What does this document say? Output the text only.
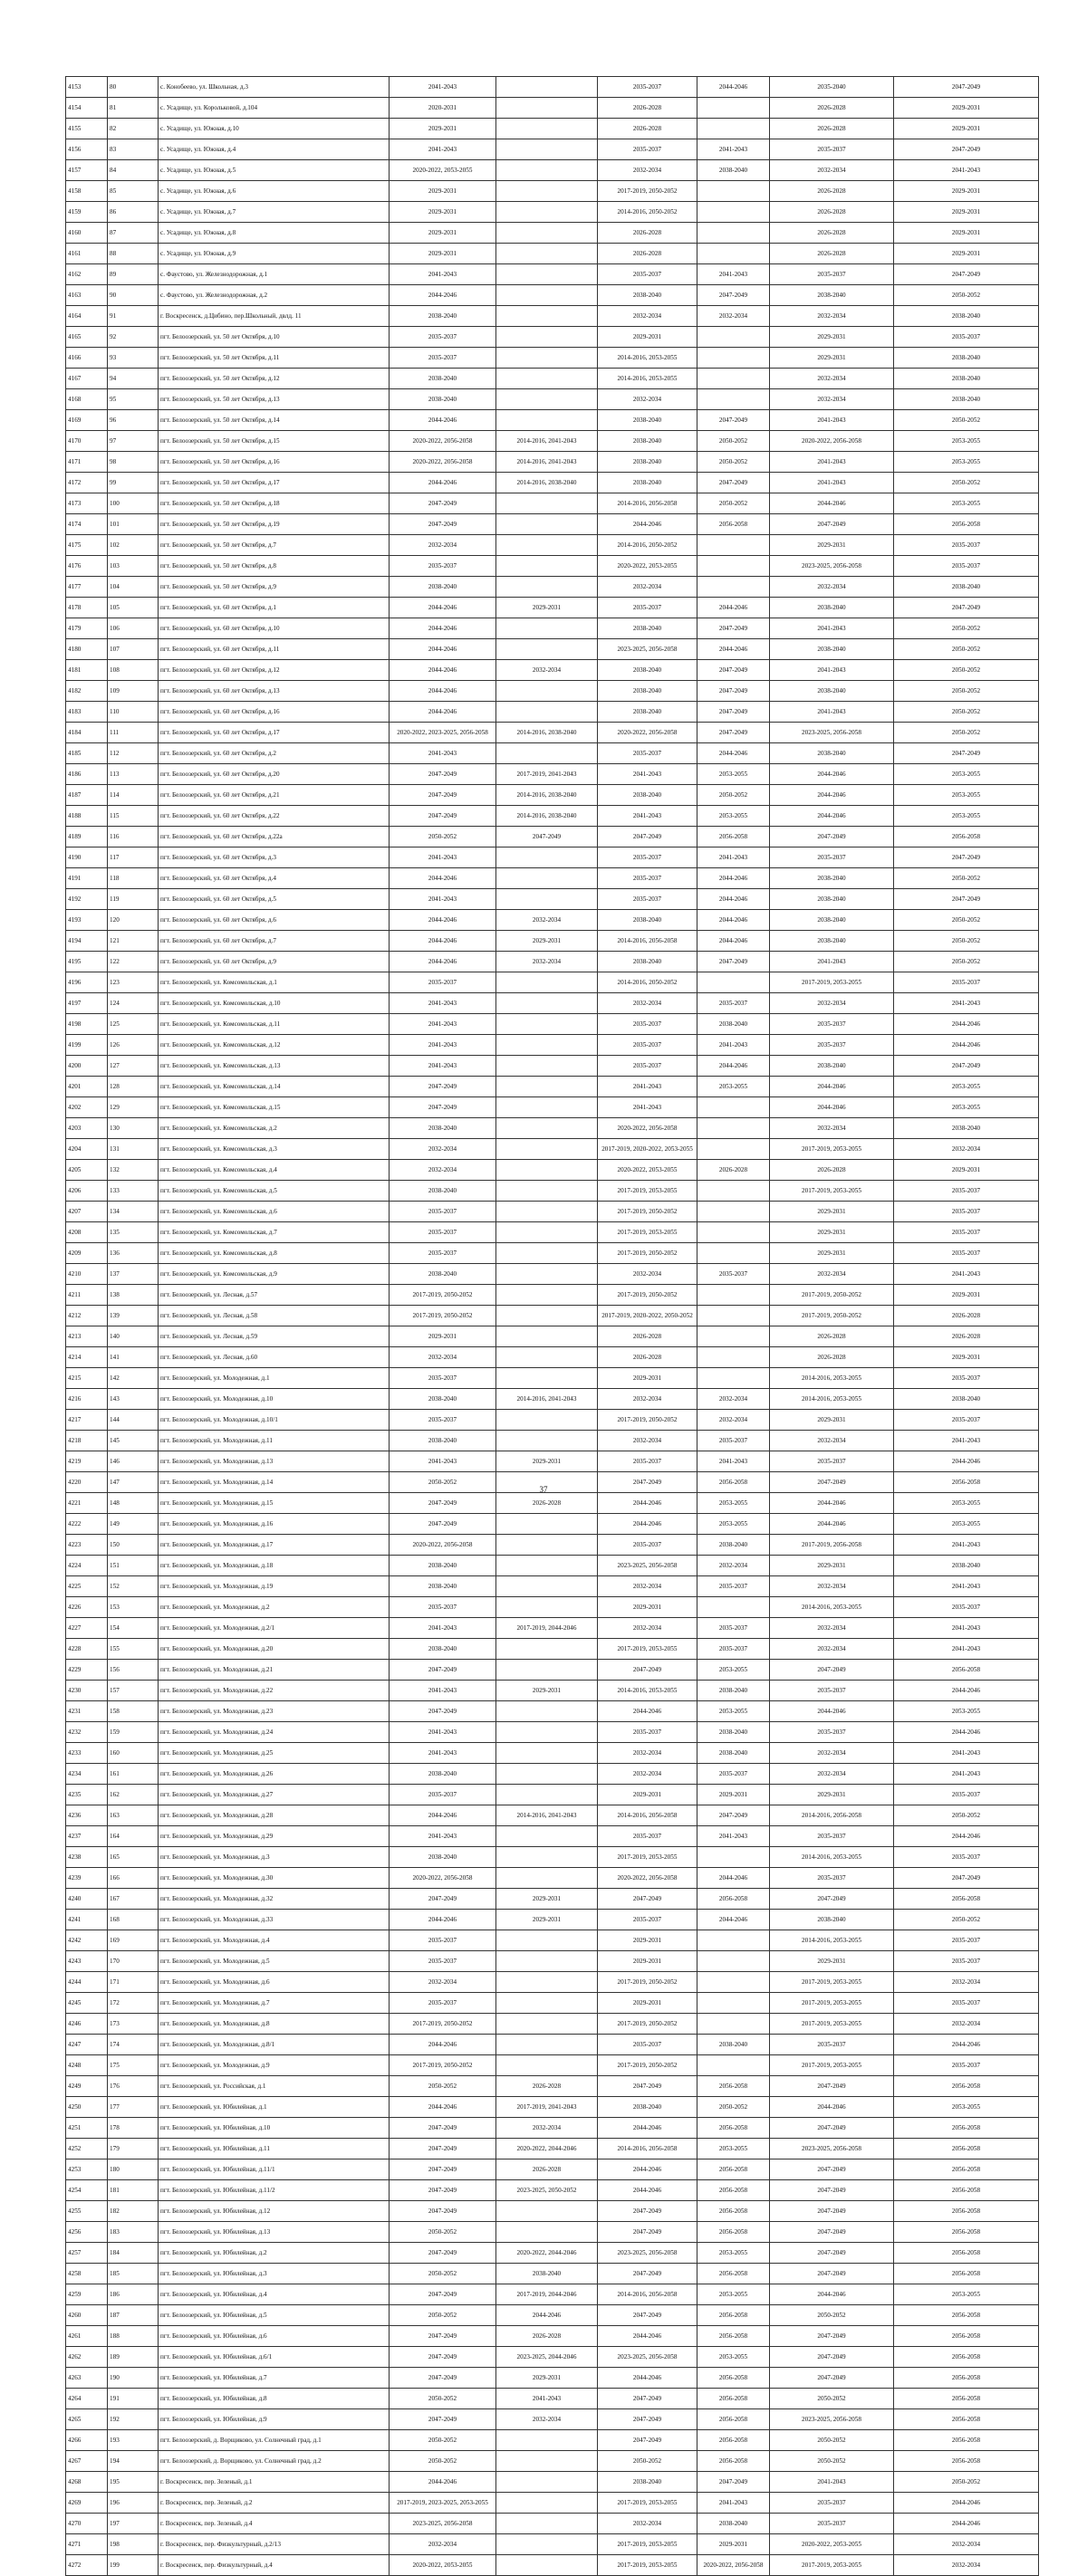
4153	80	с. Конобеево, ул. Школьная, д.3	2041-2043		2035-2037	2044-2046	2035-2040	2047-2049
4154	81	с. Усадище, ул. Корольковой, д.104	2020-2031		2026-2028		2026-2028	2029-2031
4155	82	с. Усадище, ул. Южная, д.10	2029-2031		2026-2028		2026-2028	2029-2031
4156	83	с. Усадище, ул. Южная, д.4	2041-2043		2035-2037	2041-2043	2035-2037	2047-2049
4157	84	с. Усадище, ул. Южная, д.5	2020-2022, 2053-2055		2032-2034	2038-2040	2032-2034	2041-2043
4158	85	с. Усадище, ул. Южная, д.6	2029-2031		2017-2019, 2050-2052		2026-2028	2029-2031
4159	86	с. Усадище, ул. Южная, д.7	2029-2031		2014-2016, 2050-2052		2026-2028	2029-2031
4160	87	с. Усадище, ул. Южная, д.8	2029-2031		2026-2028		2026-2028	2029-2031
4161	88	с. Усадище, ул. Южная, д.9	2029-2031		2026-2028		2026-2028	2029-2031
4162	89	с. Фаустово, ул. Железнодорожная, д.1	2041-2043		2035-2037	2041-2043	2035-2037	2047-2049
4163	90	с. Фаустово, ул. Железнодорожная, д.2	2044-2046		2038-2040	2047-2049	2038-2040	2050-2052
4164	91	г. Воскресенск, д.Цибино, пер.Школьный, двлд. 11	2038-2040		2032-2034	2032-2034	2032-2034	2038-2040
4165	92	пгт. Белоозерский, ул. 50 лет Октября, д.10	2035-2037		2029-2031		2029-2031	2035-2037
4166	93	пгт. Белоозерский, ул. 50 лет Октября, д.11	2035-2037		2014-2016, 2053-2055		2029-2031	2038-2040
4167	94	пгт. Белоозерский, ул. 50 лет Октября, д.12	2038-2040		2014-2016, 2053-2055		2032-2034	2038-2040
4168	95	пгт. Белоозерский, ул. 50 лет Октября, д.13	2038-2040		2032-2034		2032-2034	2038-2040
4169	96	пгт. Белоозерский, ул. 50 лет Октября, д.14	2044-2046		2038-2040	2047-2049	2041-2043	2050-2052
4170	97	пгт. Белоозерский, ул. 50 лет Октября, д.15	2020-2022, 2056-2058	2014-2016, 2041-2043	2038-2040	2050-2052	2020-2022, 2056-2058	2053-2055
4171	98	пгт. Белоозерский, ул. 50 лет Октября, д.16	2020-2022, 2056-2058	2014-2016, 2041-2043	2038-2040	2050-2052	2041-2043	2053-2055
4172	99	пгт. Белоозерский, ул. 50 лет Октября, д.17	2044-2046	2014-2016, 2038-2040	2038-2040	2047-2049	2041-2043	2050-2052
4173	100	пгт. Белоозерский, ул. 50 лет Октября, д.18	2047-2049		2014-2016, 2056-2058	2050-2052	2044-2046	2053-2055
4174	101	пгт. Белоозерский, ул. 50 лет Октября, д.19	2047-2049		2044-2046	2056-2058	2047-2049	2056-2058
4175	102	пгт. Белоозерский, ул. 50 лет Октября, д.7	2032-2034		2014-2016, 2050-2052		2029-2031	2035-2037
4176	103	пгт. Белоозерский, ул. 50 лет Октября, д.8	2035-2037		2020-2022, 2053-2055		2023-2025, 2056-2058	2035-2037
4177	104	пгт. Белоозерский, ул. 50 лет Октября, д.9	2038-2040		2032-2034		2032-2034	2038-2040
4178	105	пгт. Белоозерский, ул. 60 лет Октября, д.1	2044-2046	2029-2031	2035-2037	2044-2046	2038-2040	2047-2049
4179	106	пгт. Белоозерский, ул. 60 лет Октября, д.10	2044-2046		2038-2040	2047-2049	2041-2043	2050-2052
4180	107	пгт. Белоозерский, ул. 60 лет Октября, д.11	2044-2046		2023-2025, 2056-2058	2044-2046	2038-2040	2050-2052
4181	108	пгт. Белоозерский, ул. 60 лет Октября, д.12	2044-2046	2032-2034	2038-2040	2047-2049	2041-2043	2050-2052
4182	109	пгт. Белоозерский, ул. 60 лет Октября, д.13	2044-2046		2038-2040	2047-2049	2038-2040	2050-2052
4183	110	пгт. Белоозерский, ул. 60 лет Октября, д.16	2044-2046		2038-2040	2047-2049	2041-2043	2050-2052
4184	111	пгт. Белоозерский, ул. 60 лет Октября, д.17	2020-2022, 2023-2025, 2056-2058	2014-2016, 2038-2040	2020-2022, 2056-2058	2047-2049	2023-2025, 2056-2058	2050-2052
4185	112	пгт. Белоозерский, ул. 60 лет Октября, д.2	2041-2043		2035-2037	2044-2046	2038-2040	2047-2049
4186	113	пгт. Белоозерский, ул. 60 лет Октября, д.20	2047-2049	2017-2019, 2041-2043	2041-2043	2053-2055	2044-2046	2053-2055
4187	114	пгт. Белоозерский, ул. 60 лет Октября, д.21	2047-2049	2014-2016, 2038-2040	2038-2040	2050-2052	2044-2046	2053-2055
4188	115	пгт. Белоозерский, ул. 60 лет Октября, д.22	2047-2049	2014-2016, 2038-2040	2041-2043	2053-2055	2044-2046	2053-2055
4189	116	пгт. Белоозерский, ул. 60 лет Октября, д.22а	2050-2052	2047-2049	2047-2049	2056-2058	2047-2049	2056-2058
4190	117	пгт. Белоозерский, ул. 60 лет Октября, д.3	2041-2043		2035-2037	2041-2043	2035-2037	2047-2049
4191	118	пгт. Белоозерский, ул. 60 лет Октября, д.4	2044-2046		2035-2037	2044-2046	2038-2040	2050-2052
4192	119	пгт. Белоозерский, ул. 60 лет Октября, д.5	2041-2043		2035-2037	2044-2046	2038-2040	2047-2049
4193	120	пгт. Белоозерский, ул. 60 лет Октября, д.6	2044-2046	2032-2034	2038-2040	2044-2046	2038-2040	2050-2052
4194	121	пгт. Белоозерский, ул. 60 лет Октября, д.7	2044-2046	2029-2031	2014-2016, 2056-2058	2044-2046	2038-2040	2050-2052
4195	122	пгт. Белоозерский, ул. 60 лет Октября, д.9	2044-2046	2032-2034	2038-2040	2047-2049	2041-2043	2050-2052
4196	123	пгт. Белоозерский, ул. Комсомольская, д.1	2035-2037		2014-2016, 2050-2052		2017-2019, 2053-2055	2035-2037
4197	124	пгт. Белоозерский, ул. Комсомольская, д.10	2041-2043		2032-2034	2035-2037	2032-2034	2041-2043
4198	125	пгт. Белоозерский, ул. Комсомольская, д.11	2041-2043		2035-2037	2038-2040	2035-2037	2044-2046
4199	126	пгт. Белоозерский, ул. Комсомольская, д.12	2041-2043		2035-2037	2041-2043	2035-2037	2044-2046
4200	127	пгт. Белоозерский, ул. Комсомольская, д.13	2041-2043		2035-2037	2044-2046	2038-2040	2047-2049
4201	128	пгт. Белоозерский, ул. Комсомольская, д.14	2047-2049		2041-2043	2053-2055	2044-2046	2053-2055
4202	129	пгт. Белоозерский, ул. Комсомольская, д.15	2047-2049		2041-2043		2044-2046	2053-2055
4203	130	пгт. Белоозерский, ул. Комсомольская, д.2	2038-2040		2020-2022, 2056-2058		2032-2034	2038-2040
4204	131	пгт. Белоозерский, ул. Комсомольская, д.3	2032-2034		2017-2019, 2020-2022, 2053-2055		2017-2019, 2053-2055	2032-2034
4205	132	пгт. Белоозерский, ул. Комсомольская, д.4	2032-2034		2020-2022, 2053-2055	2026-2028	2026-2028	2029-2031
4206	133	пгт. Белоозерский, ул. Комсомольская, д.5	2038-2040		2017-2019, 2053-2055		2017-2019, 2053-2055	2035-2037
4207	134	пгт. Белоозерский, ул. Комсомольская, д.6	2035-2037		2017-2019, 2050-2052		2029-2031	2035-2037
4208	135	пгт. Белоозерский, ул. Комсомольская, д.7	2035-2037		2017-2019, 2053-2055		2029-2031	2035-2037
4209	136	пгт. Белоозерский, ул. Комсомольская, д.8	2035-2037		2017-2019, 2050-2052		2029-2031	2035-2037
4210	137	пгт. Белоозерский, ул. Комсомольская, д.9	2038-2040		2032-2034	2035-2037	2032-2034	2041-2043
4211	138	пгт. Белоозерский, ул. Лесная, д.57	2017-2019, 2050-2052		2017-2019, 2050-2052		2017-2019, 2050-2052	2029-2031
4212	139	пгт. Белоозерский, ул. Лесная, д.58	2017-2019, 2050-2052		2017-2019, 2020-2022, 2050-2052		2017-2019, 2050-2052	2026-2028
4213	140	пгт. Белоозерский, ул. Лесная, д.59	2029-2031		2026-2028		2026-2028	2026-2028
4214	141	пгт. Белоозерский, ул. Лесная, д.60	2032-2034		2026-2028		2026-2028	2029-2031
4215	142	пгт. Белоозерский, ул. Молодежная, д.1	2035-2037		2029-2031		2014-2016, 2053-2055	2035-2037
4216	143	пгт. Белоозерский, ул. Молодежная, д.10	2038-2040	2014-2016, 2041-2043	2032-2034	2032-2034	2014-2016, 2053-2055	2038-2040
4217	144	пгт. Белоозерский, ул. Молодежная, д.10/1	2035-2037		2017-2019, 2050-2052	2032-2034	2029-2031	2035-2037
4218	145	пгт. Белоозерский, ул. Молодежная, д.11	2038-2040		2032-2034	2035-2037	2032-2034	2041-2043
4219	146	пгт. Белоозерский, ул. Молодежная, д.13	2041-2043	2029-2031	2035-2037	2041-2043	2035-2037	2044-2046
4220	147	пгт. Белоозерский, ул. Молодежная, д.14	2050-2052		2047-2049	2056-2058	2047-2049	2056-2058
4221	148	пгт. Белоозерский, ул. Молодежная, д.15	2047-2049	2026-2028	2044-2046	2053-2055	2044-2046	2053-2055
4222	149	пгт. Белоозерский, ул. Молодежная, д.16	2047-2049		2044-2046	2053-2055	2044-2046	2053-2055
4223	150	пгт. Белоозерский, ул. Молодежная, д.17	2020-2022, 2056-2058		2035-2037	2038-2040	2017-2019, 2056-2058	2041-2043
4224	151	пгт. Белоозерский, ул. Молодежная, д.18	2038-2040		2023-2025, 2056-2058	2032-2034	2029-2031	2038-2040
4225	152	пгт. Белоозерский, ул. Молодежная, д.19	2038-2040		2032-2034	2035-2037	2032-2034	2041-2043
4226	153	пгт. Белоозерский, ул. Молодежная, д.2	2035-2037		2029-2031		2014-2016, 2053-2055	2035-2037
4227	154	пгт. Белоозерский, ул. Молодежная, д.2/1	2041-2043	2017-2019, 2044-2046	2032-2034	2035-2037	2032-2034	2041-2043
4228	155	пгт. Белоозерский, ул. Молодежная, д.20	2038-2040		2017-2019, 2053-2055	2035-2037	2032-2034	2041-2043
4229	156	пгт. Белоозерский, ул. Молодежная, д.21	2047-2049		2047-2049	2053-2055	2047-2049	2056-2058
4230	157	пгт. Белоозерский, ул. Молодежная, д.22	2041-2043	2029-2031	2014-2016, 2053-2055	2038-2040	2035-2037	2044-2046
4231	158	пгт. Белоозерский, ул. Молодежная, д.23	2047-2049		2044-2046	2053-2055	2044-2046	2053-2055
4232	159	пгт. Белоозерский, ул. Молодежная, д.24	2041-2043		2035-2037	2038-2040	2035-2037	2044-2046
4233	160	пгт. Белоозерский, ул. Молодежная, д.25	2041-2043		2032-2034	2038-2040	2032-2034	2041-2043
4234	161	пгт. Белоозерский, ул. Молодежная, д.26	2038-2040		2032-2034	2035-2037	2032-2034	2041-2043
4235	162	пгт. Белоозерский, ул. Молодежная, д.27	2035-2037		2029-2031	2029-2031	2029-2031	2035-2037
4236	163	пгт. Белоозерский, ул. Молодежная, д.28	2044-2046	2014-2016, 2041-2043	2014-2016, 2056-2058	2047-2049	2014-2016, 2056-2058	2050-2052
4237	164	пгт. Белоозерский, ул. Молодежная, д.29	2041-2043		2035-2037	2041-2043	2035-2037	2044-2046
4238	165	пгт. Белоозерский, ул. Молодежная, д.3	2038-2040		2017-2019, 2053-2055		2014-2016, 2053-2055	2035-2037
4239	166	пгт. Белоозерский, ул. Молодежная, д.30	2020-2022, 2056-2058		2020-2022, 2056-2058	2044-2046	2035-2037	2047-2049
4240	167	пгт. Белоозерский, ул. Молодежная, д.32	2047-2049	2029-2031	2047-2049	2056-2058	2047-2049	2056-2058
4241	168	пгт. Белоозерский, ул. Молодежная, д.33	2044-2046	2029-2031	2035-2037	2044-2046	2038-2040	2050-2052
4242	169	пгт. Белоозерский, ул. Молодежная, д.4	2035-2037		2029-2031		2014-2016, 2053-2055	2035-2037
4243	170	пгт. Белоозерский, ул. Молодежная, д.5	2035-2037		2029-2031		2029-2031	2035-2037
4244	171	пгт. Белоозерский, ул. Молодежная, д.6	2032-2034		2017-2019, 2050-2052		2017-2019, 2053-2055	2032-2034
4245	172	пгт. Белоозерский, ул. Молодежная, д.7	2035-2037		2029-2031		2017-2019, 2053-2055	2035-2037
4246	173	пгт. Белоозерский, ул. Молодежная, д.8	2017-2019, 2050-2052		2017-2019, 2050-2052		2017-2019, 2053-2055	2032-2034
4247	174	пгт. Белоозерский, ул. Молодежная, д.8/1	2044-2046		2035-2037	2038-2040	2035-2037	2044-2046
4248	175	пгт. Белоозерский, ул. Молодежная, д.9	2017-2019, 2050-2052		2017-2019, 2050-2052		2017-2019, 2053-2055	2035-2037
4249	176	пгт. Белоозерский, ул. Российская, д.1	2050-2052	2026-2028	2047-2049	2056-2058	2047-2049	2056-2058
4250	177	пгт. Белоозерский, ул. Юбилейная, д.1	2044-2046	2017-2019, 2041-2043	2038-2040	2050-2052	2044-2046	2053-2055
4251	178	пгт. Белоозерский, ул. Юбилейная, д.10	2047-2049	2032-2034	2044-2046	2056-2058	2047-2049	2056-2058
4252	179	пгт. Белоозерский, ул. Юбилейная, д.11	2047-2049	2020-2022, 2044-2046	2014-2016, 2056-2058	2053-2055	2023-2025, 2056-2058	2056-2058
4253	180	пгт. Белоозерский, ул. Юбилейная, д.11/1	2047-2049	2026-2028	2044-2046	2056-2058	2047-2049	2056-2058
4254	181	пгт. Белоозерский, ул. Юбилейная, д.11/2	2047-2049	2023-2025, 2050-2052	2044-2046	2056-2058	2047-2049	2056-2058
4255	182	пгт. Белоозерский, ул. Юбилейная, д.12	2047-2049		2047-2049	2056-2058	2047-2049	2056-2058
4256	183	пгт. Белоозерский, ул. Юбилейная, д.13	2050-2052		2047-2049	2056-2058	2047-2049	2056-2058
4257	184	пгт. Белоозерский, ул. Юбилейная, д.2	2047-2049	2020-2022, 2044-2046	2023-2025, 2056-2058	2053-2055	2047-2049	2056-2058
4258	185	пгт. Белоозерский, ул. Юбилейная, д.3	2050-2052	2038-2040	2047-2049	2056-2058	2047-2049	2056-2058
4259	186	пгт. Белоозерский, ул. Юбилейная, д.4	2047-2049	2017-2019, 2044-2046	2014-2016, 2056-2058	2053-2055	2044-2046	2053-2055
4260	187	пгт. Белоозерский, ул. Юбилейная, д.5	2050-2052	2044-2046	2047-2049	2056-2058	2050-2052	2056-2058
4261	188	пгт. Белоозерский, ул. Юбилейная, д.6	2047-2049	2026-2028	2044-2046	2056-2058	2047-2049	2056-2058
4262	189	пгт. Белоозерский, ул. Юбилейная, д.6/1	2047-2049	2023-2025, 2044-2046	2023-2025, 2056-2058	2053-2055	2047-2049	2056-2058
4263	190	пгт. Белоозерский, ул. Юбилейная, д.7	2047-2049	2029-2031	2044-2046	2056-2058	2047-2049	2056-2058
4264	191	пгт. Белоозерский, ул. Юбилейная, д.8	2050-2052	2041-2043	2047-2049	2056-2058	2050-2052	2056-2058
4265	192	пгт. Белоозерский, ул. Юбилейная, д.9	2047-2049	2032-2034	2047-2049	2056-2058	2023-2025, 2056-2058	2056-2058
4266	193	пгт. Белоозерский, д. Ворщиково, ул. Солнечный град, д.1	2050-2052		2047-2049	2056-2058	2050-2052	2056-2058
4267	194	пгт. Белоозерский, д. Ворщиково, ул. Солнечный град, д.2	2050-2052		2050-2052	2056-2058	2050-2052	2056-2058
4268	195	г. Воскресенск, пер. Зеленый, д.1	2044-2046		2038-2040	2047-2049	2041-2043	2050-2052
4269	196	г. Воскресенск, пер. Зеленый, д.2	2017-2019, 2023-2025, 2053-2055		2017-2019, 2053-2055	2041-2043	2035-2037	2044-2046
4270	197	г. Воскресенск, пер. Зеленый, д.4	2023-2025, 2056-2058		2032-2034	2038-2040	2035-2037	2044-2046
4271	198	г. Воскресенск, пер. Физкультурный, д.2/13	2032-2034		2017-2019, 2053-2055	2029-2031	2020-2022, 2053-2055	2032-2034
4272	199	г. Воскресенск, пер. Физкультурный, д.4	2020-2022, 2053-2055		2017-2019, 2053-2055	2020-2022, 2056-2058	2017-2019, 2053-2055	2032-2034
37
